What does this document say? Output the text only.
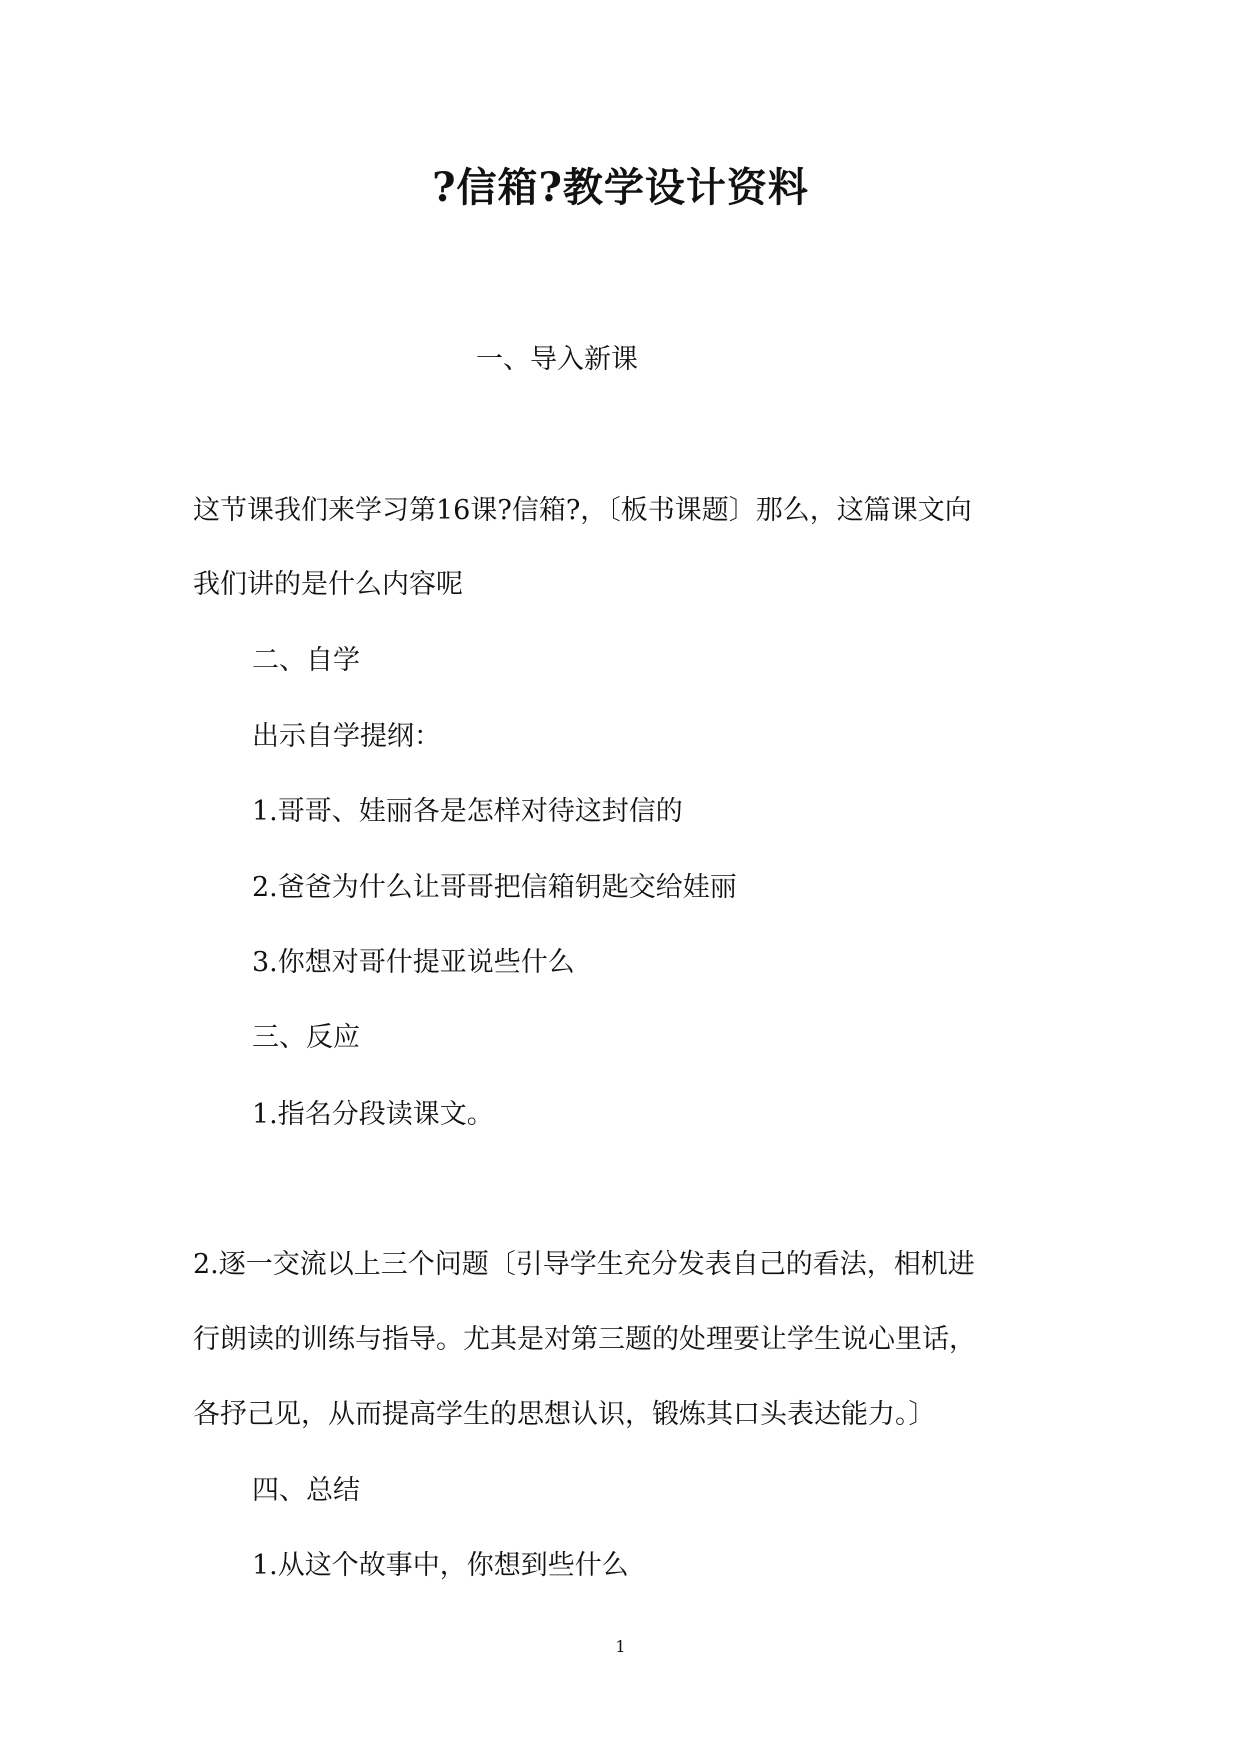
?信箱?教学设计资料
一、导入新课
这节课我们来学习第16课?信箱?，〔板书课题〕那么，这篇课文向
我们讲的是什么内容呢
二、自学
出示自学提纲：
1.哥哥、娃丽各是怎样对待这封信的
2.爸爸为什么让哥哥把信箱钥匙交给娃丽
3.你想对哥什提亚说些什么
三、反应
1.指名分段读课文。
2.逐一交流以上三个问题〔引导学生充分发表自己的看法，相机进
行朗读的训练与指导。尤其是对第三题的处理要让学生说心里话，
各抒己见，从而提高学生的思想认识，锻炼其口头表达能力。〕
四、总结
1.从这个故事中，你想到些什么
1
